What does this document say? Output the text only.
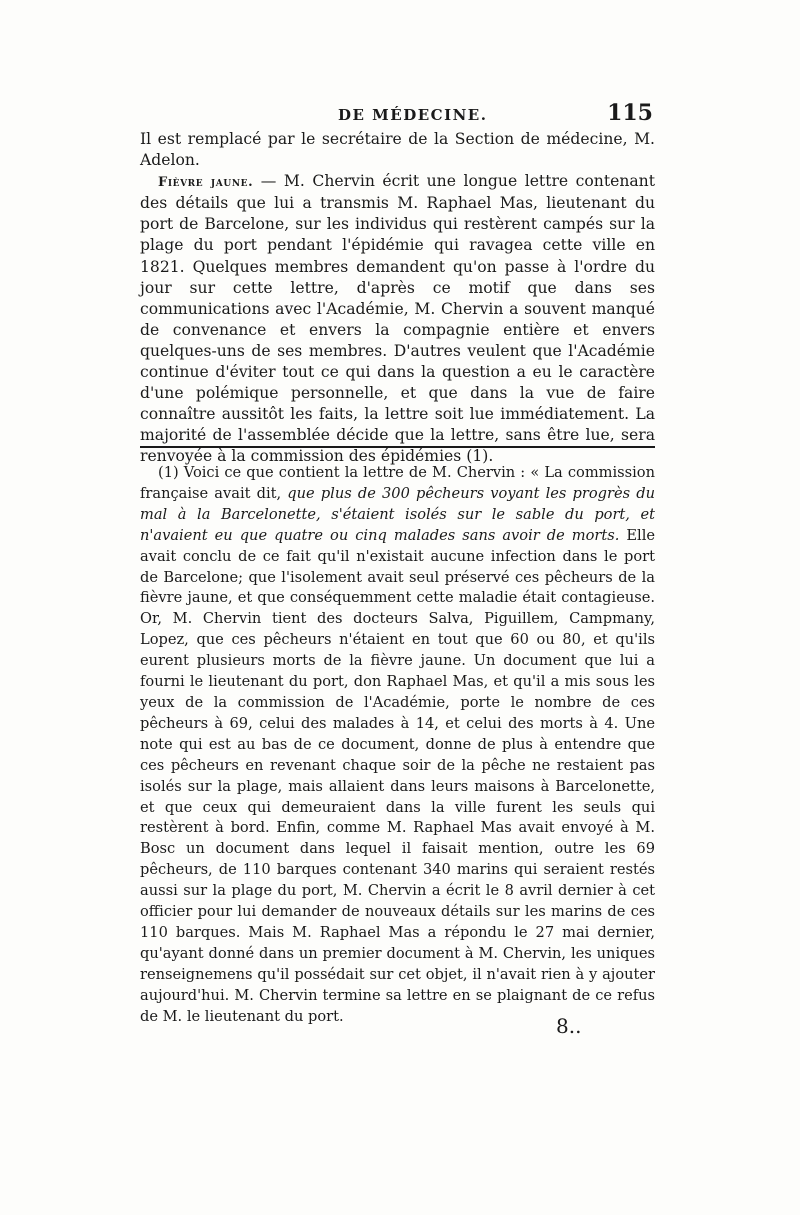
DE MÉDECINE.	115

Il est remplacé par le secrétaire de la Section de médecine, M. Adelon.

Fièvre jaune. — M. Chervin écrit une longue lettre contenant des détails que lui a transmis M. Raphael Mas, lieutenant du port de Barcelone, sur les individus qui restèrent campés sur la plage du port pendant l'épidémie qui ravagea cette ville en 1821. Quelques membres demandent qu'on passe à l'ordre du jour sur cette lettre, d'après ce motif que dans ses communications avec l'Académie, M. Chervin a souvent manqué de convenance et envers la compagnie entière et envers quelques-uns de ses membres. D'autres veulent que l'Académie continue d'éviter tout ce qui dans la question a eu le caractère d'une polémique personnelle, et que dans la vue de faire connaître aussitôt les faits, la lettre soit lue immédiatement. La majorité de l'assemblée décide que la lettre, sans être lue, sera renvoyée à la commission des épidémies (1).

(1) Voici ce que contient la lettre de M. Chervin : « La commission française avait dit, que plus de 300 pêcheurs voyant les progrès du mal à la Barcelonette, s'étaient isolés sur le sable du port, et n'avaient eu que quatre ou cinq malades sans avoir de morts. Elle avait conclu de ce fait qu'il n'existait aucune infection dans le port de Barcelone; que l'isolement avait seul préservé ces pêcheurs de la fièvre jaune, et que conséquemment cette maladie était contagieuse. Or, M. Chervin tient des docteurs Salva, Piguillem, Campmany, Lopez, que ces pêcheurs n'étaient en tout que 60 ou 80, et qu'ils eurent plusieurs morts de la fièvre jaune. Un document que lui a fourni le lieutenant du port, don Raphael Mas, et qu'il a mis sous les yeux de la commission de l'Académie, porte le nombre de ces pêcheurs à 69, celui des malades à 14, et celui des morts à 4. Une note qui est au bas de ce document, donne de plus à entendre que ces pêcheurs en revenant chaque soir de la pêche ne restaient pas isolés sur la plage, mais allaient dans leurs maisons à Barcelonette, et que ceux qui demeuraient dans la ville furent les seuls qui restèrent à bord. Enfin, comme M. Raphael Mas avait envoyé à M. Bosc un document dans lequel il faisait mention, outre les 69 pêcheurs, de 110 barques contenant 340 marins qui seraient restés aussi sur la plage du port, M. Chervin a écrit le 8 avril dernier à cet officier pour lui demander de nouveaux détails sur les marins de ces 110 barques. Mais M. Raphael Mas a répondu le 27 mai dernier, qu'ayant donné dans un premier document à M. Chervin, les uniques renseignemens qu'il possédait sur cet objet, il n'avait rien à y ajouter aujourd'hui. M. Chervin termine sa lettre en se plaignant de ce refus de M. le lieutenant du port.	8..
